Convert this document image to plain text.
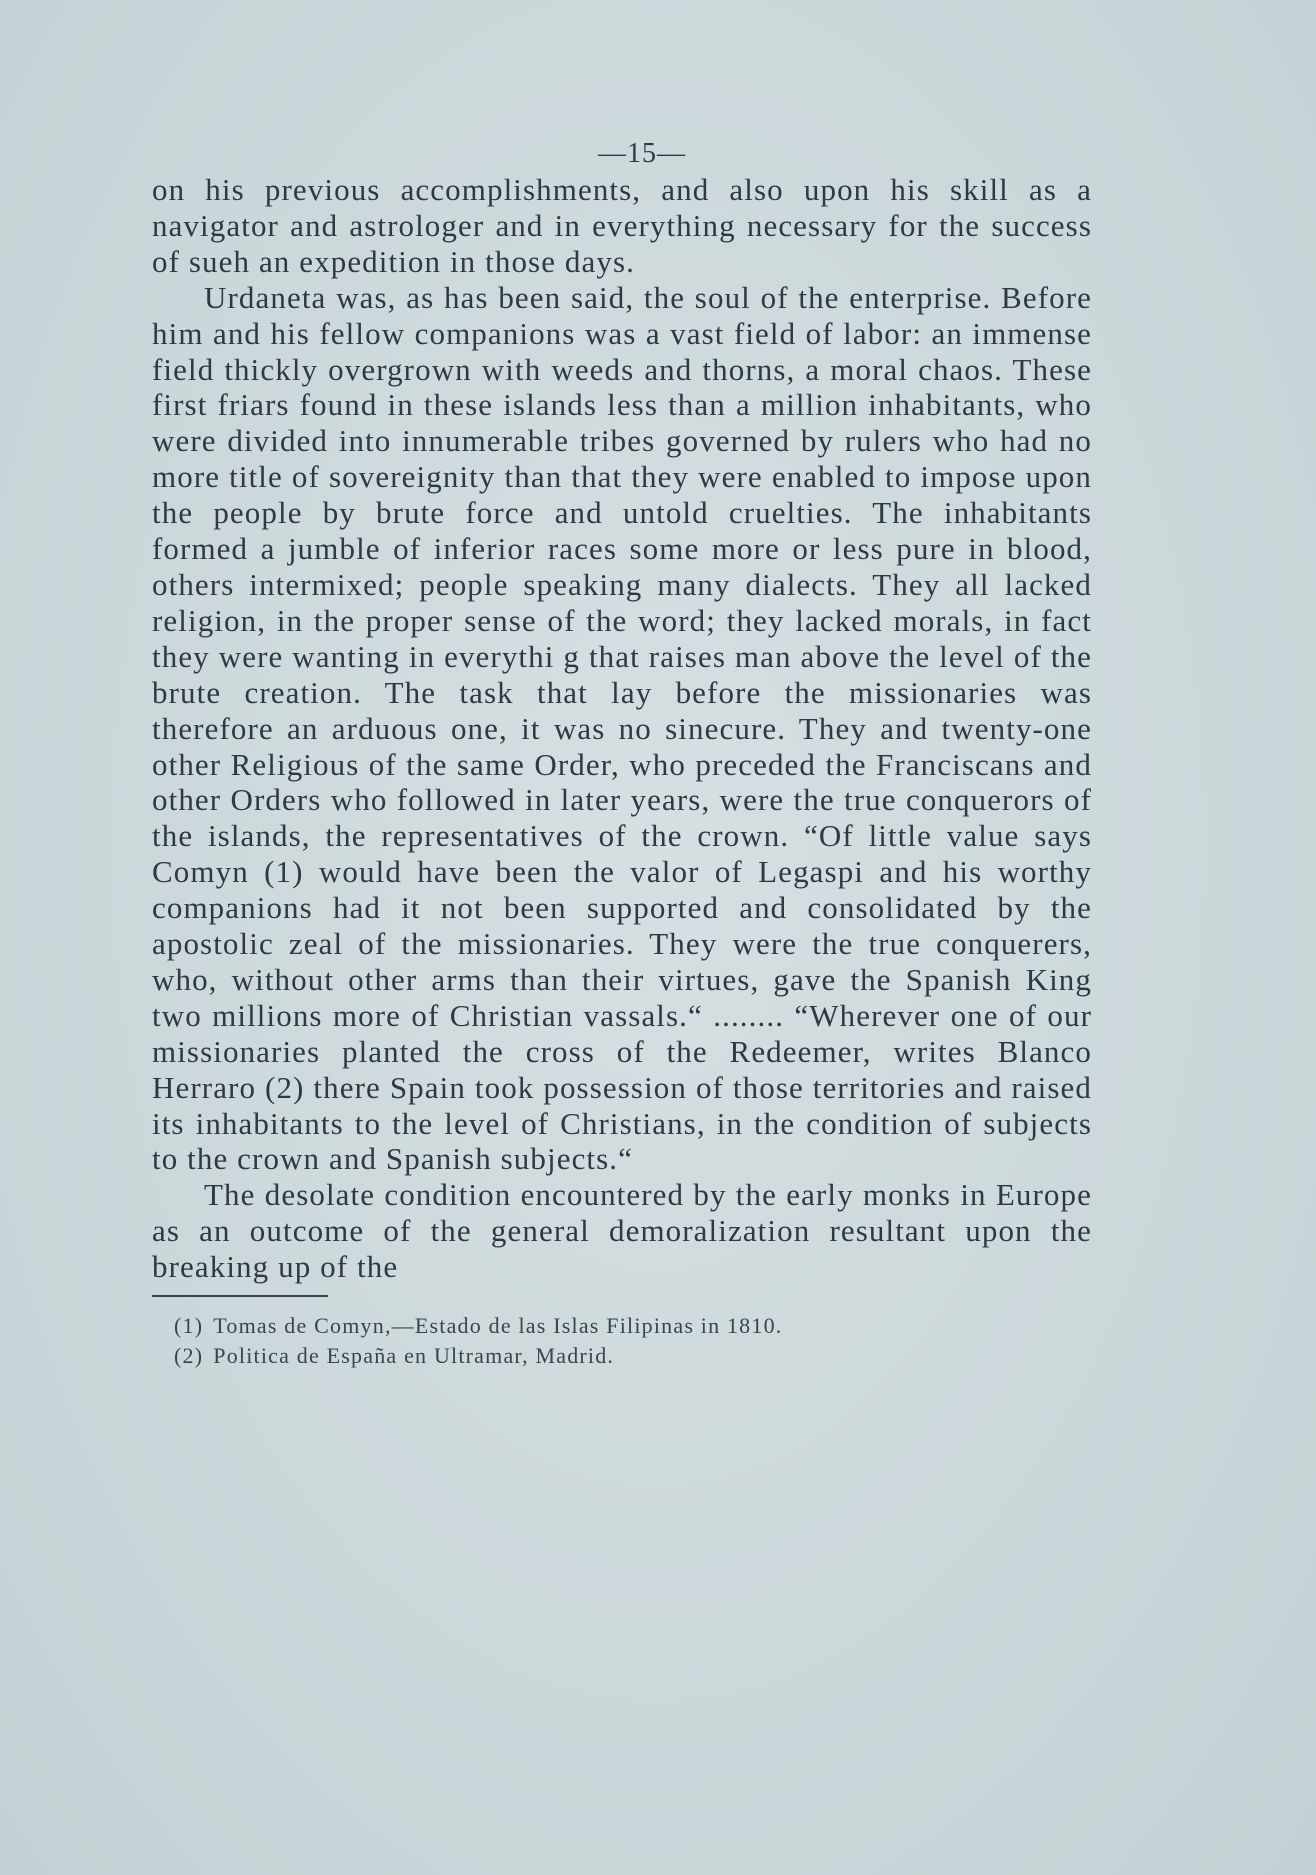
—15—

on his previous accomplishments, and also upon his skill as a navigator and astrologer and in everything necessary for the success of sueh an expedition in those days.

Urdaneta was, as has been said, the soul of the enterprise. Before him and his fellow companions was a vast field of labor: an immense field thickly overgrown with weeds and thorns, a moral chaos. These first friars found in these islands less than a million inhabitants, who were divided into innumerable tribes governed by rulers who had no more title of sovereignity than that they were enabled to impose upon the people by brute force and untold cruelties. The inhabitants formed a jumble of inferior races some more or less pure in blood, others intermixed; people speaking many dialects. They all lacked religion, in the proper sense of the word; they lacked morals, in fact they were wanting in everythi g that raises man above the level of the brute creation. The task that lay before the missionaries was therefore an arduous one, it was no sinecure. They and twenty-one other Religious of the same Order, who preceded the Franciscans and other Orders who followed in later years, were the true conquerors of the islands, the representatives of the crown. “Of little value says Comyn (1) would have been the valor of Legaspi and his worthy companions had it not been supported and consolidated by the apostolic zeal of the missionaries. They were the true conquerers, who, without other arms than their virtues, gave the Spanish King two millions more of Christian vassals.“ ........ “Wherever one of our missionaries planted the cross of the Redeemer, writes Blanco Herraro (2) there Spain took possession of those territories and raised its inhabitants to the level of Christians, in the condition of subjects to the crown and Spanish subjects.“

The desolate condition encountered by the early monks in Europe as an outcome of the general demoralization resultant upon the breaking up of the

(1) Tomas de Comyn,—Estado de las Islas Filipinas in 1810.

(2) Politica de España en Ultramar, Madrid.
